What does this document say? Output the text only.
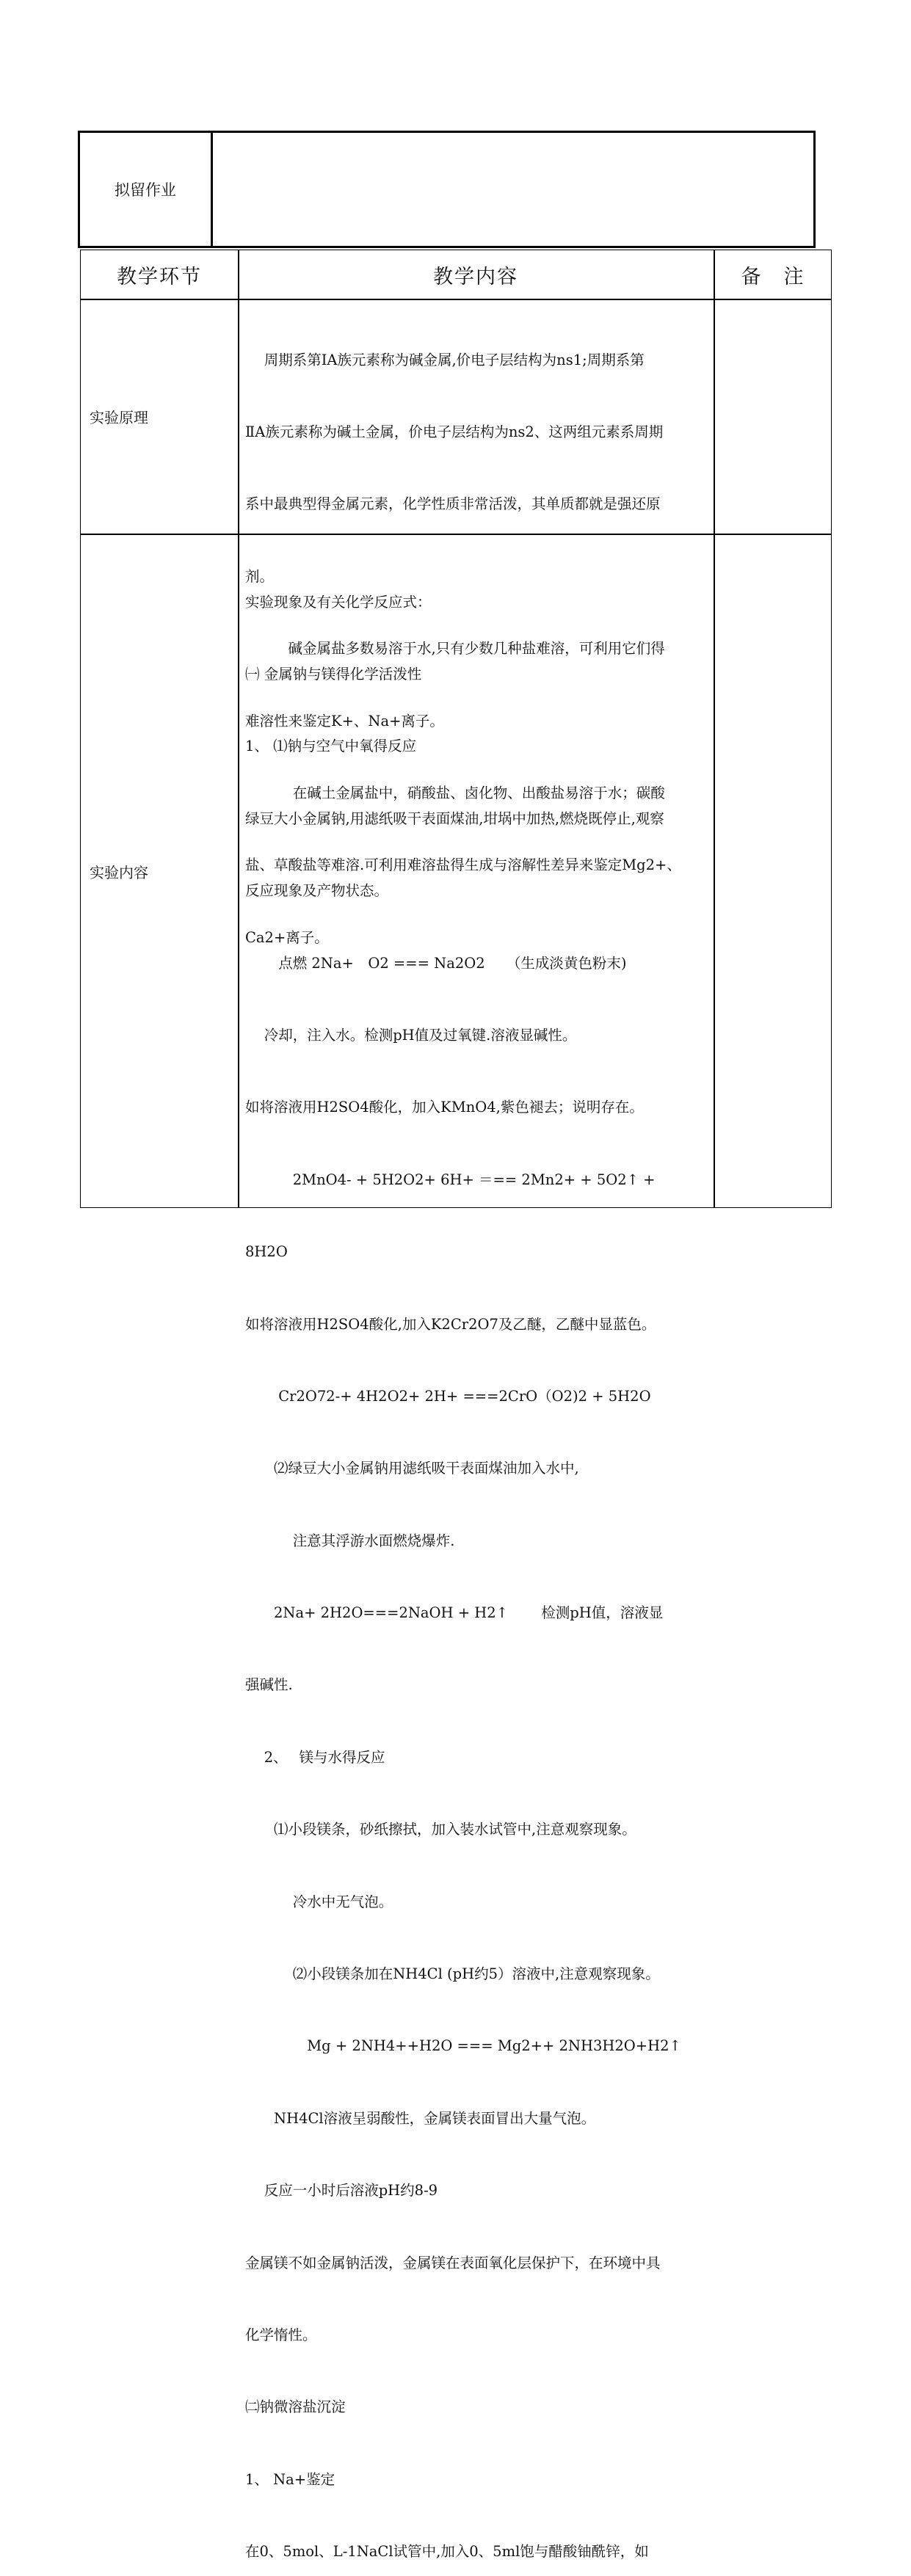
拟留作业
教学环节	教学内容	备　注
实验原理

　 周期系第ⅠA族元素称为碱金属,价电子层结构为ns1;周期系第

ⅡA族元素称为碱土金属，价电子层结构为ns2、这两组元素系周期

系中最典型得金属元素，化学性质非常活泼，其单质都就是强还原

剂。

　　　碱金属盐多数易溶于水,只有少数几种盐难溶，可利用它们得

难溶性来鉴定K+、Na+离子。

　　　 在碱土金属盐中，硝酸盐、卤化物、出酸盐易溶于水；碳酸

盐、草酸盐等难溶.可利用难溶盐得生成与溶解性差异来鉴定Mg2+、

Ca2+离子。

实验内容

实验现象及有关化学反应式：

㈠ 金属钠与镁得化学活泼性

1、 ⑴钠与空气中氧得反应

绿豆大小金属钠,用滤纸吸干表面煤油,坩埚中加热,燃烧既停止,观察

反应现象及产物状态。

　　 点燃 2Na+　O2 === Na2O2　　（生成淡黄色粉末)

　 冷却，注入水。检测pH值及过氧键.溶液显碱性。

如将溶液用H2SO4酸化，加入KMnO4,紫色褪去；说明存在。

　　　 2MnO4- + 5H2O2+ 6H+ ＝== 2Mn2+ + 5O2↑ +

8H2O

如将溶液用H2SO4酸化,加入K2Cr2O7及乙醚，乙醚中显蓝色。

　　 Cr2O72-+ 4H2O2+ 2H+ ===2CrO（O2)2 + 5H2O

　　⑵绿豆大小金属钠用滤纸吸干表面煤油加入水中,

　　　 注意其浮游水面燃烧爆炸.

　　2Na+ 2H2O===2NaOH + H2↑　　 检测pH值，溶液显

强碱性.

　 2、　 镁与水得反应

　　⑴小段镁条，砂纸擦拭，加入装水试管中,注意观察现象。

　　　 冷水中无气泡。

　　　 ⑵小段镁条加在NH4Cl (pH约5）溶液中,注意观察现象。

　　　　 Mg + 2NH4++H2O === Mg2++ 2NH3H2O+H2↑

　　NH4Cl溶液呈弱酸性，金属镁表面冒出大量气泡。

　 反应一小时后溶液pH约8-9

金属镁不如金属钠活泼，金属镁在表面氧化层保护下，在环境中具

化学惰性。

㈡钠微溶盐沉淀

1、 Na+鉴定

在0、5mol、L-1NaCl试管中,加入0、5ml饱与醋酸铀酰锌，如
